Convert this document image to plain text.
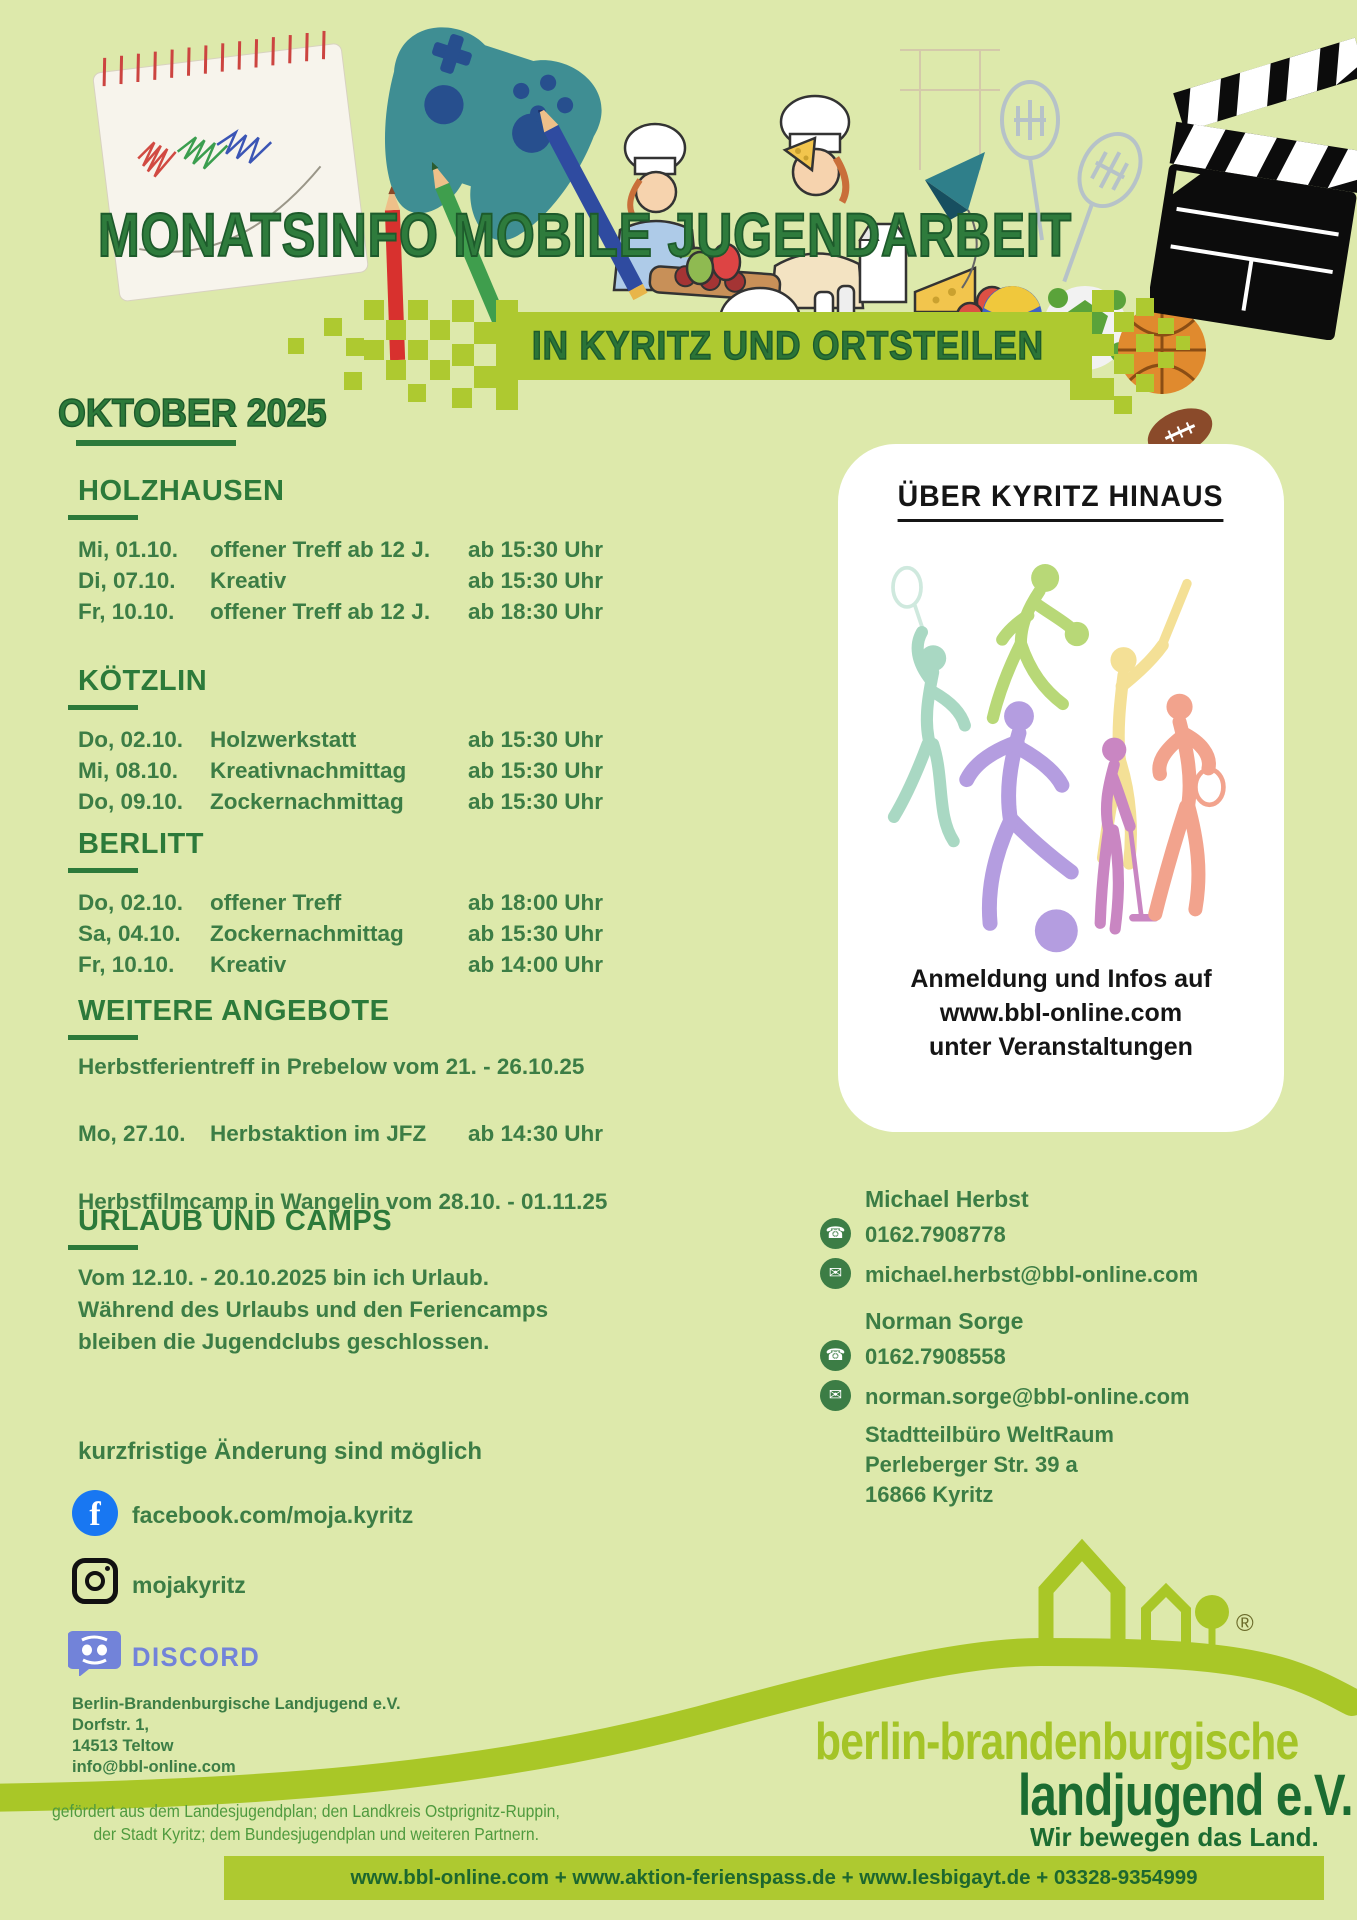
MONATSINFO MOBILE JUGENDARBEIT
IN KYRITZ UND ORTSTEILEN
OKTOBER 2025
HOLZHAUSEN
Mi, 01.10.	offener Treff ab 12 J.	ab 15:30 Uhr
Di, 07.10.	Kreativ	ab 15:30 Uhr
Fr, 10.10.	offener Treff ab 12 J.	ab 18:30 Uhr
KÖTZLIN
Do, 02.10.	Holzwerkstatt	ab 15:30 Uhr
Mi, 08.10.	Kreativnachmittag	ab 15:30 Uhr
Do, 09.10.	Zockernachmittag	ab 15:30 Uhr
BERLITT
Do, 02.10.	offener Treff	ab 18:00 Uhr
Sa, 04.10.	Zockernachmittag	ab 15:30 Uhr
Fr, 10.10.	Kreativ	ab 14:00 Uhr
WEITERE ANGEBOTE
Herbstferientreff in Prebelow vom 21. - 26.10.25
Mo, 27.10.	Herbstaktion im JFZ	ab 14:30 Uhr
Herbstfilmcamp in Wangelin vom 28.10. - 01.11.25
URLAUB UND CAMPS
Vom 12.10. - 20.10.2025 bin ich Urlaub.
Während des Urlaubs und den Feriencamps
bleiben die Jugendclubs geschlossen.
kurzfristige Änderung sind möglich
f	facebook.com/moja.kyritz
mojakyritz
DISCORD
Berlin-Brandenburgische Landjugend e.V.
Dorfstr. 1,
14513 Teltow
info@bbl-online.com
®
gefördert aus dem Landesjugendplan; den Landkreis Ostprignitz-Ruppin,
der Stadt Kyritz; dem Bundesjugendplan und weiteren Partnern.
www.bbl-online.com + www.aktion-ferienspass.de + www.lesbigayt.de + 03328-9354999
ÜBER KYRITZ HINAUS
Anmeldung und Infos auf
www.bbl-online.com
unter Veranstaltungen
Michael Herbst
☎ 0162.7908778
✉	michael.herbst@bbl-online.com
Norman Sorge
☎ 0162.7908558
✉	norman.sorge@bbl-online.com
Stadtteilbüro WeltRaum
Perleberger Str. 39 a
16866 Kyritz
berlin-brandenburgische
landjugend e.V.
Wir bewegen das Land.
